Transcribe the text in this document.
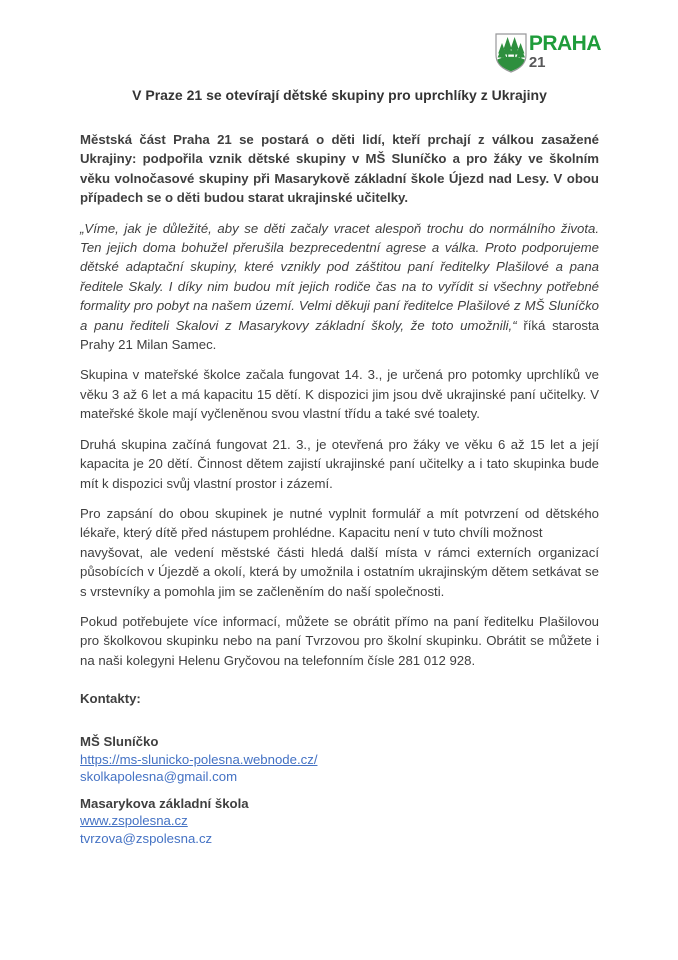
PRAHA
21
V Praze 21 se otevírají dětské skupiny pro uprchlíky z Ukrajiny

Městská část Praha 21 se postará o děti lidí, kteří prchají z válkou zasažené Ukrajiny: podpořila vznik dětské skupiny v MŠ Sluníčko a pro žáky ve školním věku volnočasové skupiny při Masarykově základní škole Újezd nad Lesy. V obou případech se o děti budou starat ukrajinské učitelky.

„Víme, jak je důležité, aby se děti začaly vracet alespoň trochu do normálního života. Ten jejich doma bohužel přerušila bezprecedentní agrese a válka. Proto podporujeme dětské adaptační skupiny, které vznikly pod záštitou paní ředitelky Plašilové a pana ředitele Skaly. I díky nim budou mít jejich rodiče čas na to vyřídit si všechny potřebné formality pro pobyt na našem území. Velmi děkuji paní ředitelce Plašilové z MŠ Sluníčko a panu řediteli Skalovi z Masarykovy základní školy, že toto umožnili,“ říká starosta Prahy 21 Milan Samec.

Skupina v mateřské školce začala fungovat 14. 3., je určená pro potomky uprchlíků ve věku 3 až 6 let a má kapacitu 15 dětí. K dispozici jim jsou dvě ukrajinské paní učitelky. V mateřské škole mají vyčleněnou svou vlastní třídu a také své toalety.

Druhá skupina začíná fungovat 21. 3., je otevřená pro žáky ve věku 6 až 15 let a její kapacita je 20 dětí. Činnost dětem zajistí ukrajinské paní učitelky a i tato skupinka bude mít k dispozici svůj vlastní prostor i zázemí.

Pro zapsání do obou skupinek je nutné vyplnit formulář a mít potvrzení od dětského lékaře, který dítě před nástupem prohlédne. Kapacitu není v tuto chvíli možnost
navyšovat, ale vedení městské části hledá další místa v rámci externích organizací působících v Újezdě a okolí, která by umožnila i ostatním ukrajinským dětem setkávat se s vrstevníky a pomohla jim se začleněním do naší společnosti.

Pokud potřebujete více informací, můžete se obrátit přímo na paní ředitelku Plašilovou pro školkovou skupinku nebo na paní Tvrzovou pro školní skupinku. Obrátit se můžete i na naši kolegyni Helenu Gryčovou na telefonním čísle 281 012 928.

Kontakty:
MŠ Sluníčko
https://ms-slunicko-polesna.webnode.cz/
skolkapolesna@gmail.com
Masarykova základní škola
www.zspolesna.cz
tvrzova@zspolesna.cz
